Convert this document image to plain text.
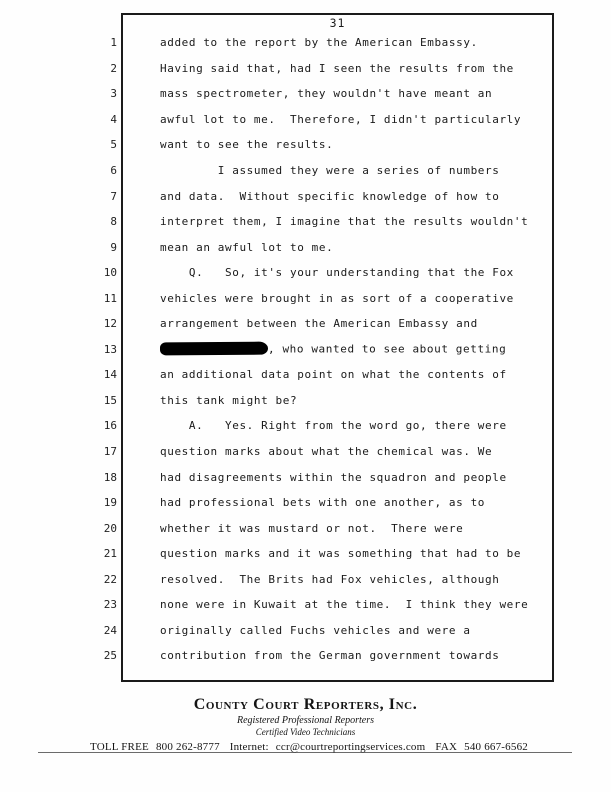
31
1	added to the report by the American Embassy.
2	Having said that, had I seen the results from the
3	mass spectrometer, they wouldn't have meant an
4	awful lot to me.  Therefore, I didn't particularly
5	want to see the results.
6	I assumed they were a series of numbers
7	and data.  Without specific knowledge of how to
8	interpret them, I imagine that the results wouldn't
9	mean an awful lot to me.
10	Q.   So, it's your understanding that the Fox
11	vehicles were brought in as sort of a cooperative
12	arrangement between the American Embassy and
13	, who wanted to see about getting
14	an additional data point on what the contents of
15	this tank might be?
16	A.   Yes. Right from the word go, there were
17	question marks about what the chemical was. We
18	had disagreements within the squadron and people
19	had professional bets with one another, as to
20	whether it was mustard or not.  There were
21	question marks and it was something that had to be
22	resolved.  The Brits had Fox vehicles, although
23	none were in Kuwait at the time.  I think they were
24	originally called Fuchs vehicles and were a
25	contribution from the German government towards
County Court Reporters, Inc.
Registered Professional Reporters
Certified Video Technicians
TOLL FREE 800 262-8777 Internet: ccr@courtreportingservices.com FAX 540 667-6562
